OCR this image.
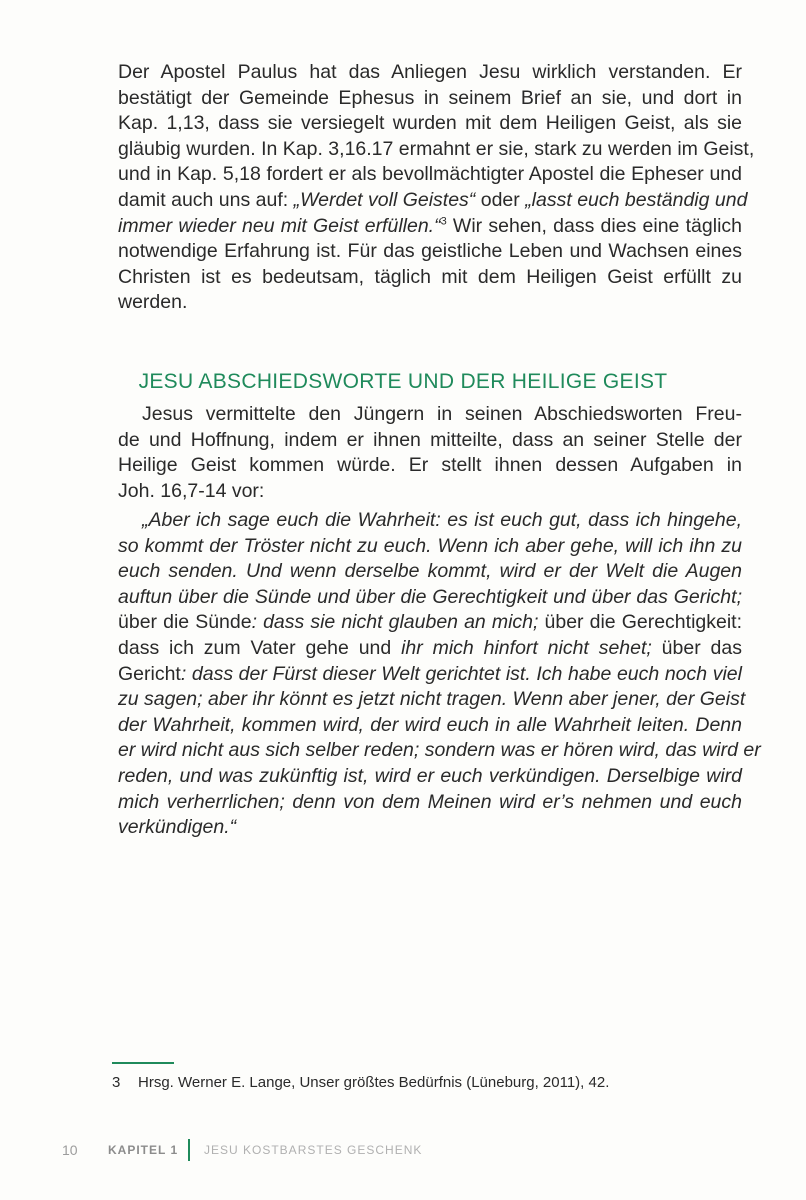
Der Apostel Paulus hat das Anliegen Jesu wirklich verstanden. Er
bestätigt der Gemeinde Ephesus in seinem Brief an sie, und dort in
Kap. 1,13, dass sie versiegelt wurden mit dem Heiligen Geist, als sie
gläubig wurden. In Kap. 3,16.17 ermahnt er sie, stark zu werden im Geist,
und in Kap. 5,18 fordert er als bevollmächtigter Apostel die Epheser und
damit auch uns auf: „Werdet voll Geistes“ oder „lasst euch beständig und
immer wieder neu mit Geist erfüllen.“$^3$ Wir sehen, dass dies eine täglich
notwendige Erfahrung ist. Für das geistliche Leben und Wachsen eines
Christen ist es bedeutsam, täglich mit dem Heiligen Geist erfüllt zu
werden.

JESU ABSCHIEDSWORTE UND DER HEILIGE GEIST

Jesus vermittelte den Jüngern in seinen Abschiedsworten Freu-
de und Hoffnung, indem er ihnen mitteilte, dass an seiner Stelle der
Heilige Geist kommen würde. Er stellt ihnen dessen Aufgaben in
Joh. 16,7-14 vor:

„Aber ich sage euch die Wahrheit: es ist euch gut, dass ich hingehe,
so kommt der Tröster nicht zu euch. Wenn ich aber gehe, will ich ihn zu
euch senden. Und wenn derselbe kommt, wird er der Welt die Augen
auftun über die Sünde und über die Gerechtigkeit und über das Gericht;
über die Sünde: dass sie nicht glauben an mich; über die Gerechtigkeit:
dass ich zum Vater gehe und ihr mich hinfort nicht sehet; über das
Gericht: dass der Fürst dieser Welt gerichtet ist. Ich habe euch noch viel
zu sagen; aber ihr könnt es jetzt nicht tragen. Wenn aber jener, der Geist
der Wahrheit, kommen wird, der wird euch in alle Wahrheit leiten. Denn
er wird nicht aus sich selber reden; sondern was er hören wird, das wird er
reden, und was zukünftig ist, wird er euch verkündigen. Derselbige wird
mich verherrlichen; denn von dem Meinen wird er’s nehmen und euch
verkündigen.“

3 Hrsg. Werner E. Lange, Unser größtes Bedürfnis (Lüneburg, 2011), 42.
10	KAPITEL 1 JESU KOSTBARSTES GESCHENK
